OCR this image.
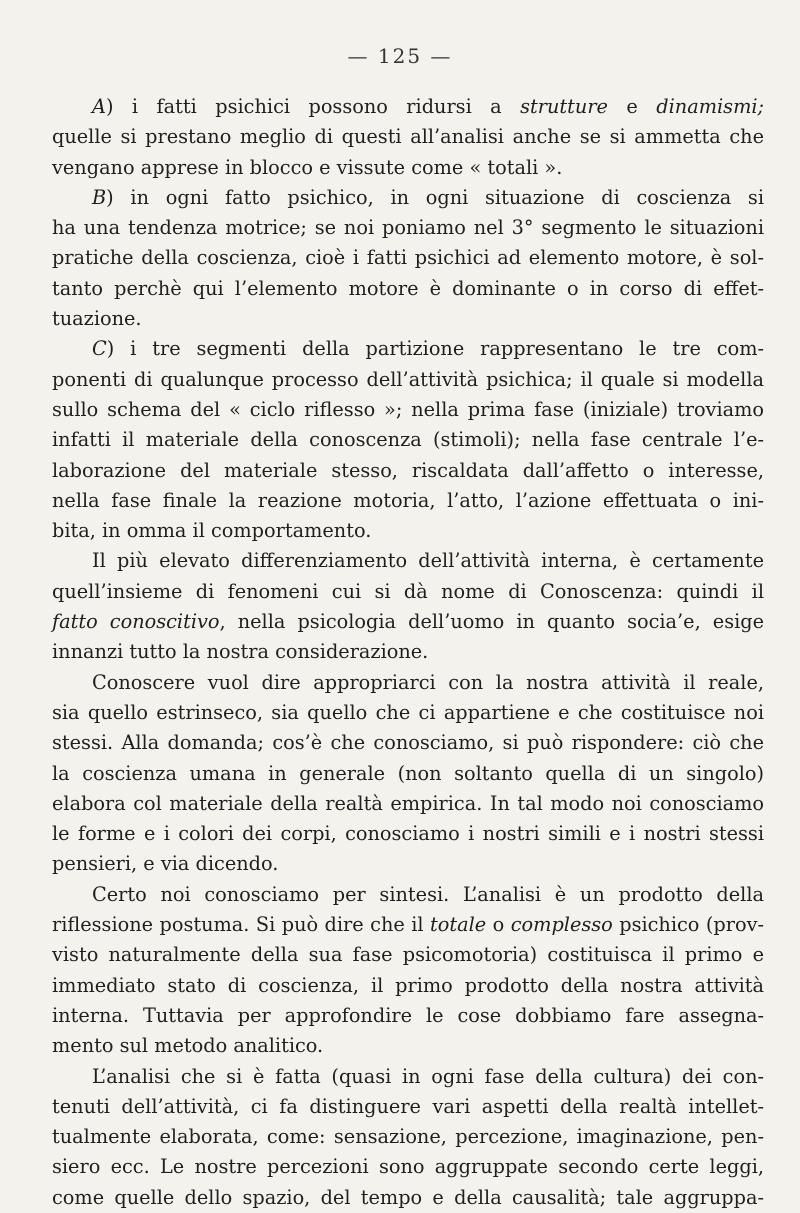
— 125 —
A) i fatti psichici possono ridursi a strutture e dinamismi;
quelle si prestano meglio di questi all’analisi anche se si ammetta che
vengano apprese in blocco e vissute come « totali ».
B) in ogni fatto psichico, in ogni situazione di coscienza si
ha una tendenza motrice; se noi poniamo nel 3° segmento le situazioni
pratiche della coscienza, cioè i fatti psichici ad elemento motore, è sol-
tanto perchè qui l’elemento motore è dominante o in corso di effet-
tuazione.
C) i tre segmenti della partizione rappresentano le tre com-
ponenti di qualunque processo dell’attività psichica; il quale si modella
sullo schema del « ciclo riflesso »; nella prima fase (iniziale) troviamo
infatti il materiale della conoscenza (stimoli); nella fase centrale l’e-
laborazione del materiale stesso, riscaldata dall’affetto o interesse,
nella fase finale la reazione motoria, l’atto, l’azione effettuata o ini-
bita, in omma il comportamento.
Il più elevato differenziamento dell’attività interna, è certamente
quell’insieme di fenomeni cui si dà nome di Conoscenza: quindi il
fatto conoscitivo, nella psicologia dell’uomo in quanto socia’e, esige
innanzi tutto la nostra considerazione.
Conoscere vuol dire appropriarci con la nostra attività il reale,
sia quello estrinseco, sia quello che ci appartiene e che costituisce noi
stessi. Alla domanda; cos’è che conosciamo, si può rispondere: ciò che
la coscienza umana in generale (non soltanto quella di un singolo)
elabora col materiale della realtà empirica. In tal modo noi conosciamo
le forme e i colori dei corpi, conosciamo i nostri simili e i nostri stessi
pensieri, e via dicendo.
Certo noi conosciamo per sintesi. L’analisi è un prodotto della
riflessione postuma. Si può dire che il totale o complesso psichico (prov-
visto naturalmente della sua fase psicomotoria) costituisca il primo e
immediato stato di coscienza, il primo prodotto della nostra attività
interna. Tuttavia per approfondire le cose dobbiamo fare assegna-
mento sul metodo analitico.
L’analisi che si è fatta (quasi in ogni fase della cultura) dei con-
tenuti dell’attività, ci fa distinguere vari aspetti della realtà intellet-
tualmente elaborata, come: sensazione, percezione, imaginazione, pen-
siero ecc. Le nostre percezioni sono aggruppate secondo certe leggi,
come quelle dello spazio, del tempo e della causalità; tale aggruppa-
